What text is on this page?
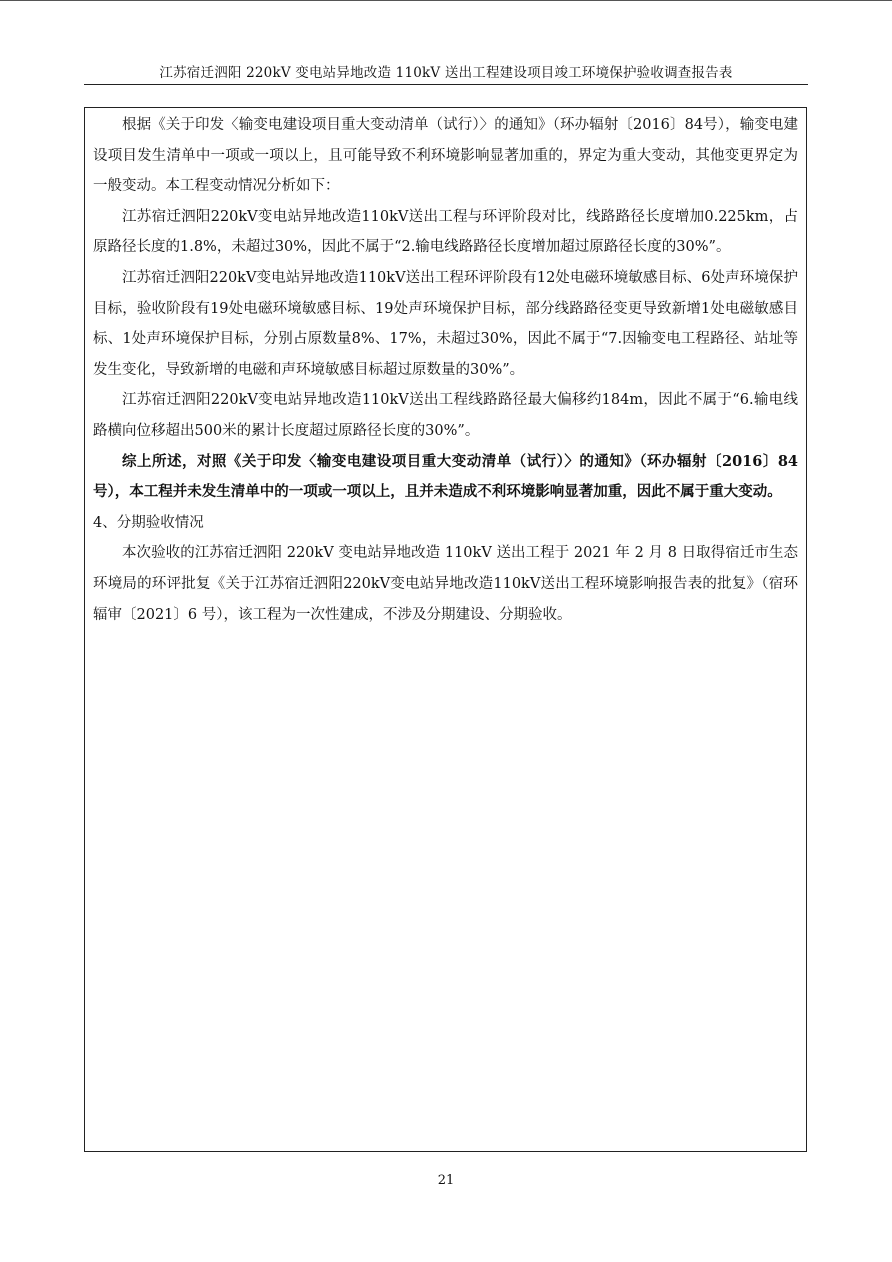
江苏宿迁泗阳 220kV 变电站异地改造 110kV 送出工程建设项目竣工环境保护验收调查报告表

根据《关于印发〈输变电建设项目重大变动清单（试行）〉的通知》（环办辐射〔2016〕84号），输变电建设项目发生清单中一项或一项以上，且可能导致不利环境影响显著加重的，界定为重大变动，其他变更界定为一般变动。本工程变动情况分析如下：

江苏宿迁泗阳220kV变电站异地改造110kV送出工程与环评阶段对比，线路路径长度增加0.225km，占原路径长度的1.8%，未超过30%，因此不属于“2.输电线路路径长度增加超过原路径长度的30%”。

江苏宿迁泗阳220kV变电站异地改造110kV送出工程环评阶段有12处电磁环境敏感目标、6处声环境保护目标，验收阶段有19处电磁环境敏感目标、19处声环境保护目标，部分线路路径变更导致新增1处电磁敏感目标、1处声环境保护目标，分别占原数量8%、17%，未超过30%，因此不属于“7.因输变电工程路径、站址等发生变化，导致新增的电磁和声环境敏感目标超过原数量的30%”。

江苏宿迁泗阳220kV变电站异地改造110kV送出工程线路路径最大偏移约184m，因此不属于“6.输电线路横向位移超出500米的累计长度超过原路径长度的30%”。

综上所述，对照《关于印发〈输变电建设项目重大变动清单（试行）〉的通知》（环办辐射〔2016〕84号），本工程并未发生清单中的一项或一项以上，且并未造成不利环境影响显著加重，因此不属于重大变动。

4、分期验收情况

本次验收的江苏宿迁泗阳 220kV 变电站异地改造 110kV 送出工程于 2021 年 2 月 8 日取得宿迁市生态环境局的环评批复《关于江苏宿迁泗阳220kV变电站异地改造110kV送出工程环境影响报告表的批复》（宿环辐审〔2021〕6 号），该工程为一次性建成，不涉及分期建设、分期验收。

21
